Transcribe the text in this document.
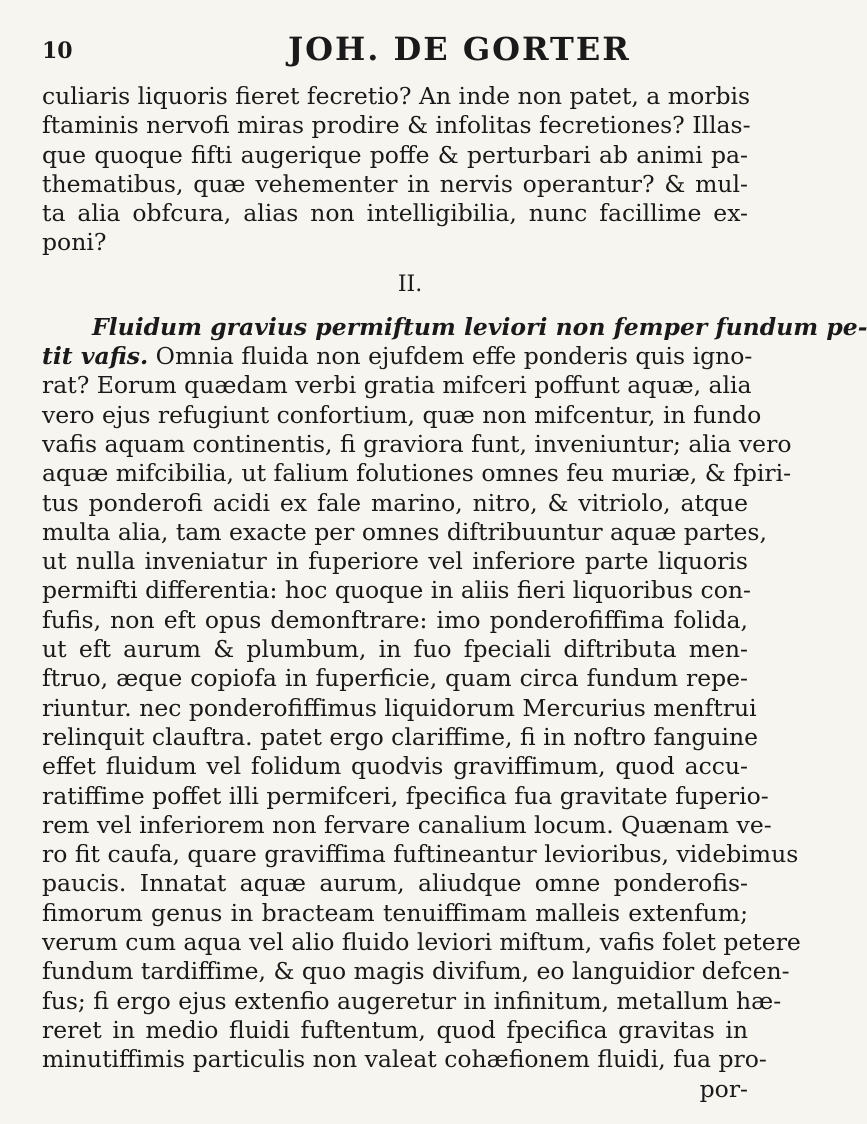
10	JOH. DE GORTER
culiaris liquoris fieret fecretio? An inde non patet, a morbis
ftaminis nervofi miras prodire & infolitas fecretiones? Illas-
que quoque fifti augerique poffe & perturbari ab animi pa-
thematibus, quæ vehementer in nervis operantur? & mul-
ta alia obfcura, alias non intelligibilia, nunc facillime ex-
poni?
II.
Fluidum gravius permiftum leviori non femper fundum pe-
tit vafis. Omnia fluida non ejufdem effe ponderis quis igno-
rat? Eorum quædam verbi gratia mifceri poffunt aquæ, alia
vero ejus refugiunt confortium, quæ non mifcentur, in fundo
vafis aquam continentis, fi graviora funt, inveniuntur; alia vero
aquæ mifcibilia, ut falium folutiones omnes feu muriæ, & fpiri-
tus ponderofi acidi ex fale marino, nitro, & vitriolo, atque
multa alia, tam exacte per omnes diftribuuntur aquæ partes,
ut nulla inveniatur in fuperiore vel inferiore parte liquoris
permifti differentia: hoc quoque in aliis fieri liquoribus con-
fufis, non eft opus demonftrare: imo ponderofiffima folida,
ut eft aurum & plumbum, in fuo fpeciali diftributa men-
ftruo, æque copiofa in fuperficie, quam circa fundum repe-
riuntur. nec ponderofiffimus liquidorum Mercurius menftrui
relinquit clauftra. patet ergo clariffime, fi in noftro fanguine
effet fluidum vel folidum quodvis graviffimum, quod accu-
ratiffime poffet illi permifceri, fpecifica fua gravitate fuperio-
rem vel inferiorem non fervare canalium locum. Quænam ve-
ro fit caufa, quare graviffima fuftineantur levioribus, videbimus
paucis. Innatat aquæ aurum, aliudque omne ponderofis-
fimorum genus in bracteam tenuiffimam malleis extenfum;
verum cum aqua vel alio fluido leviori miftum, vafis folet petere
fundum tardiffime, & quo magis divifum, eo languidior defcen-
fus; fi ergo ejus extenfio augeretur in infinitum, metallum hæ-
reret in medio fluidi fuftentum, quod fpecifica gravitas in
minutiffimis particulis non valeat cohæfionem fluidi, fua pro-
por-
